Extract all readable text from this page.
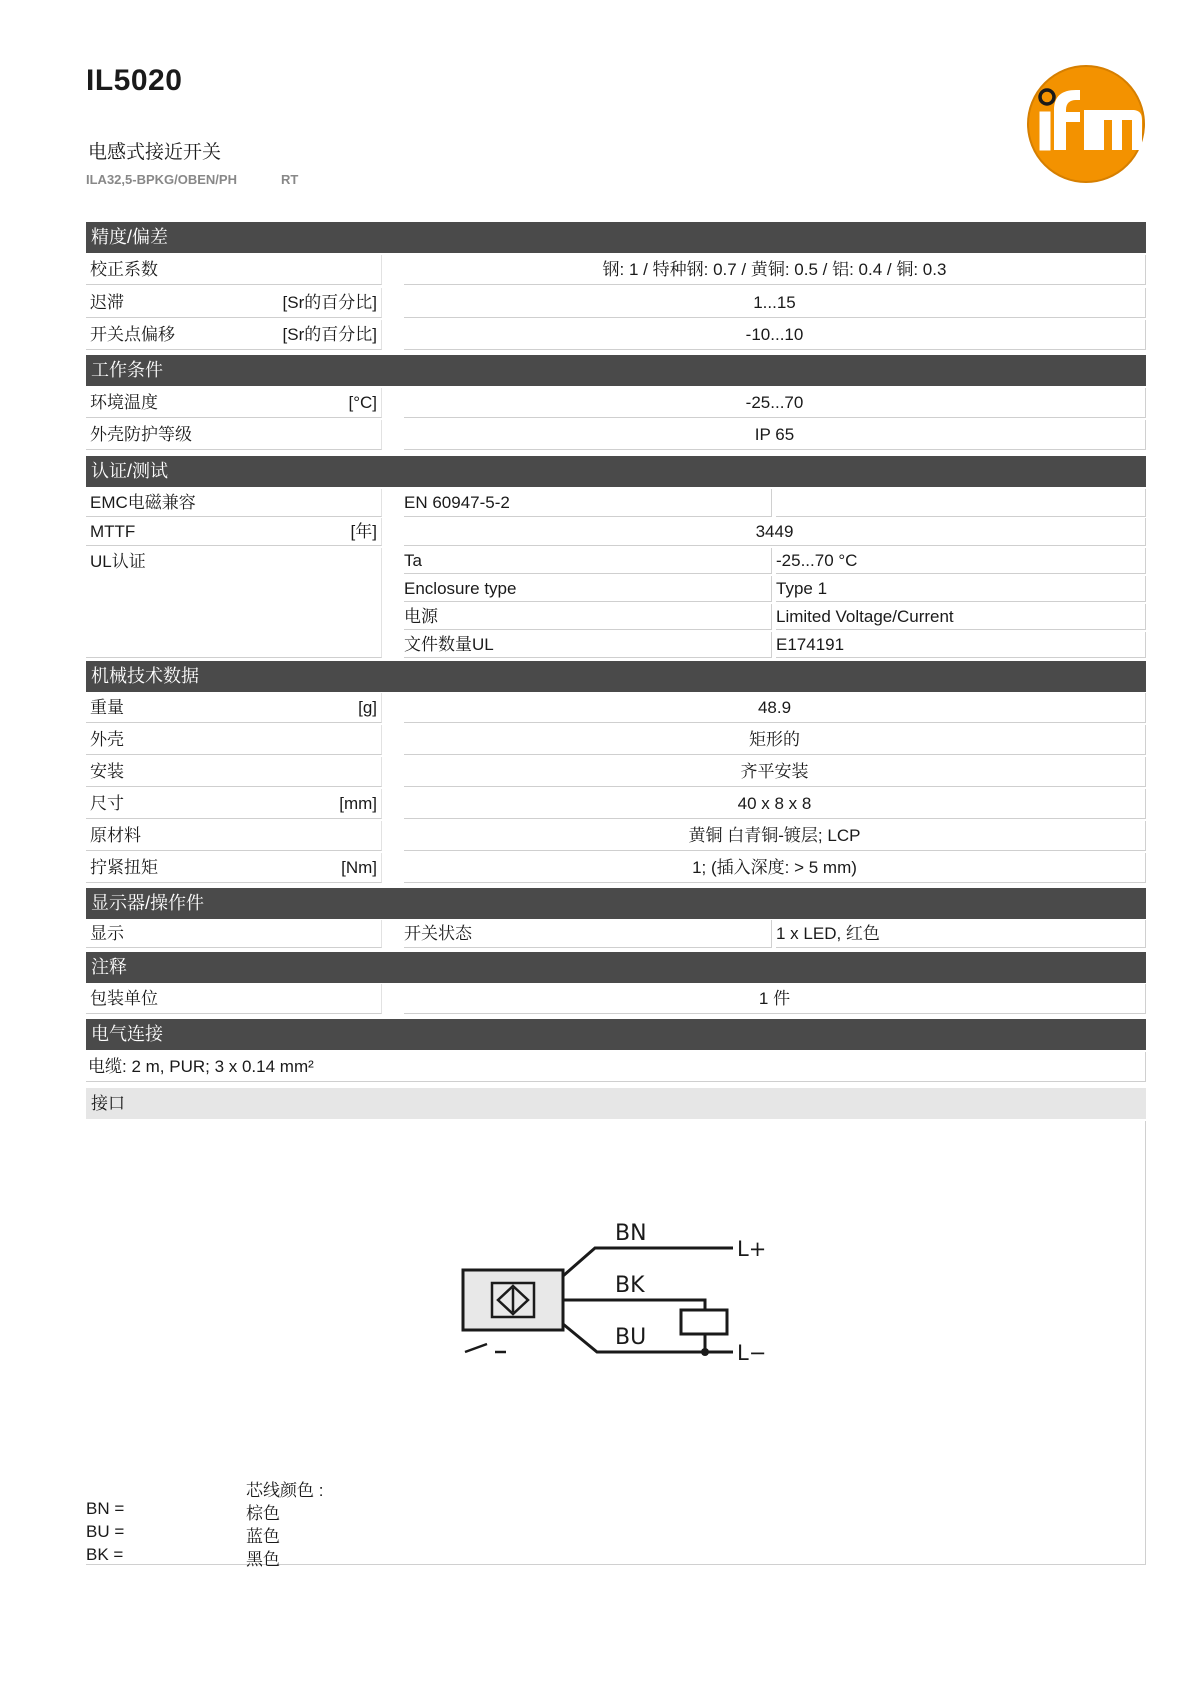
IL5020
电感式接近开关
ILA32,5-BPKG/OBEN/PH	RT
精度/偏差
校正系数	钢: 1 / 特种钢: 0.7 / 黄铜: 0.5 / 铝: 0.4 / 铜: 0.3
迟滞	[Sr的百分比]	1...15
开关点偏移	[Sr的百分比]	-10...10
工作条件
环境温度	[°C]	-25...70
外壳防护等级	IP 65
认证/测试
EMC电磁兼容	EN 60947-5-2
MTTF	[年]	3449
UL认证	Ta	-25...70 °C
Enclosure type	Type 1
电源	Limited Voltage/Current
文件数量UL	E174191
机械技术数据
重量	[g]	48.9
外壳	矩形的
安装	齐平安装
尺寸	[mm]	40 x 8 x 8
原材料	黄铜 白青铜-镀层; LCP
拧紧扭矩	[Nm]	1; (插入深度: > 5 mm)
显示器/操作件
显示	开关状态	1 x LED, 红色
注释
包装单位	1 件
电气连接
电缆: 2 m, PUR; 3 x 0.14 mm²
接口
BN
BK
BU
L+
L−
芯线颜色 :
BN =	棕色
BU =	蓝色
BK =	黑色
